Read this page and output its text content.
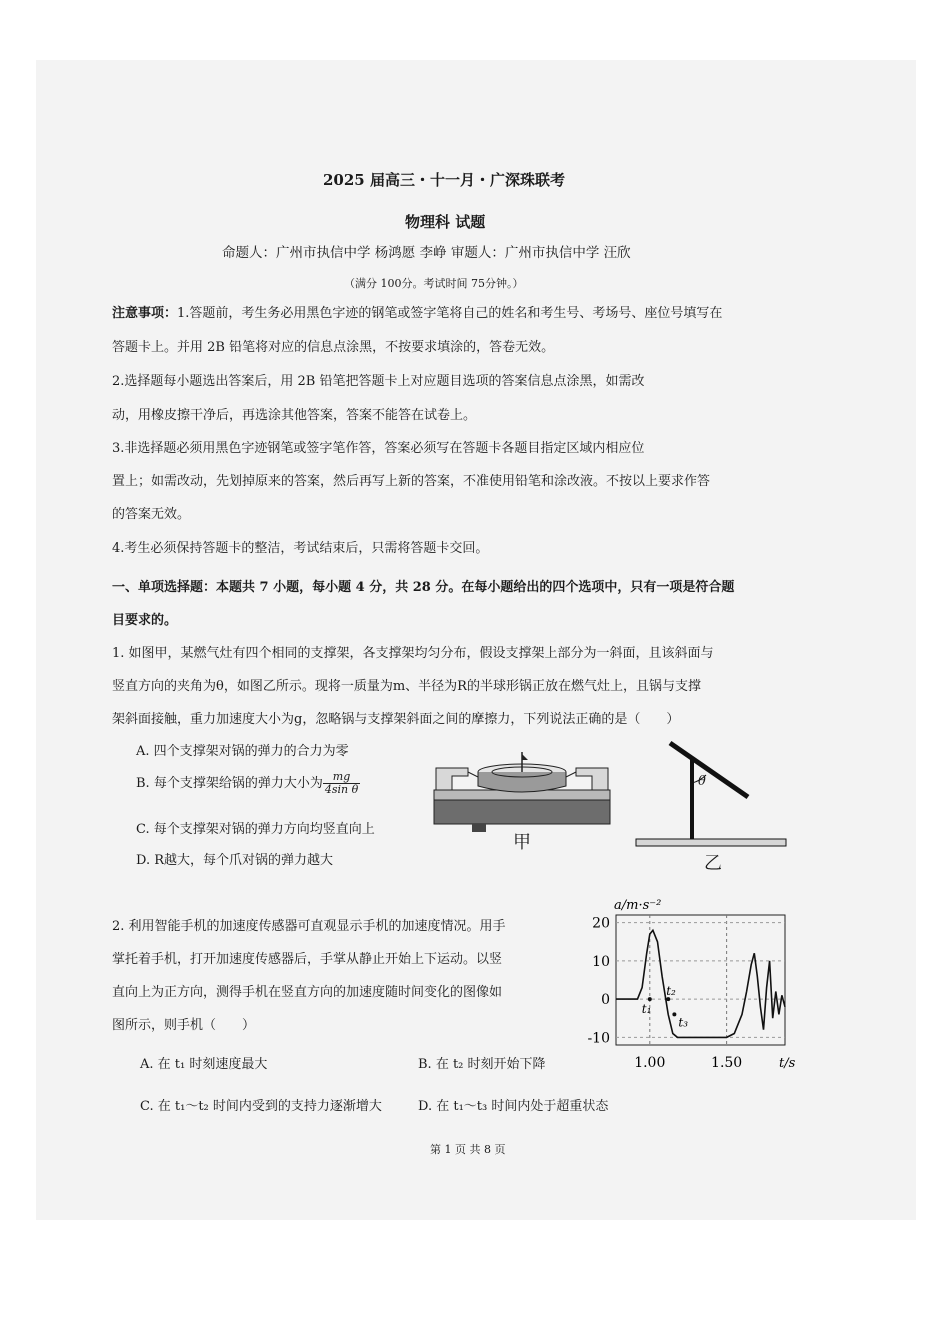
2025 届高三・十一月・广深珠联考
物理科 试题
命题人：广州市执信中学 杨鸿愿 李峥 审题人：广州市执信中学 汪欣
（满分 100分。考试时间 75分钟。）
注意事项：1.答题前，考生务必用黑色字迹的钢笔或签字笔将自己的姓名和考生号、考场号、座位号填写在
答题卡上。并用 2B 铅笔将对应的信息点涂黑，不按要求填涂的，答卷无效。
2.选择题每小题选出答案后，用 2B 铅笔把答题卡上对应题目选项的答案信息点涂黑，如需改
动，用橡皮擦干净后，再选涂其他答案，答案不能答在试卷上。
3.非选择题必须用黑色字迹钢笔或签字笔作答，答案必须写在答题卡各题目指定区域内相应位
置上；如需改动，先划掉原来的答案，然后再写上新的答案，不准使用铅笔和涂改液。不按以上要求作答
的答案无效。
4.考生必须保持答题卡的整洁，考试结束后，只需将答题卡交回。
一、单项选择题：本题共 7 小题，每小题 4 分，共 28 分。在每小题给出的四个选项中，只有一项是符合题
目要求的。
1. 如图甲，某燃气灶有四个相同的支撑架，各支撑架均匀分布，假设支撑架上部分为一斜面，且该斜面与
竖直方向的夹角为θ，如图乙所示。现将一质量为m、半径为R的半球形锅正放在燃气灶上，且锅与支撑
架斜面接触，重力加速度大小为g，忽略锅与支撑架斜面之间的摩擦力，下列说法正确的是（　　）
A. 四个支撑架对锅的弹力的合力为零
B. 每个支撑架给锅的弹力大小为 $\frac{mg}{\text{4sin θ}}$
C. 每个支撑架对锅的弹力方向均竖直向上
D. R越大，每个爪对锅的弹力越大
甲
θ
乙
2. 利用智能手机的加速度传感器可直观显示手机的加速度情况。用手
掌托着手机，打开加速度传感器后，手掌从静止开始上下运动。以竖
直向上为正方向，测得手机在竖直方向的加速度随时间变化的图像如
图所示，则手机（　　）
A. 在 t₁ 时刻速度最大	B. 在 t₂ 时刻开始下降
C. 在 t₁～t₂ 时间内受到的支持力逐渐增大	D. 在 t₁～t₃ 时间内处于超重状态
20
10
0
-10
1.00	1.50
a/m·s⁻²
t/s
t₁
t₂
t₃
第 1 页 共 8 页
